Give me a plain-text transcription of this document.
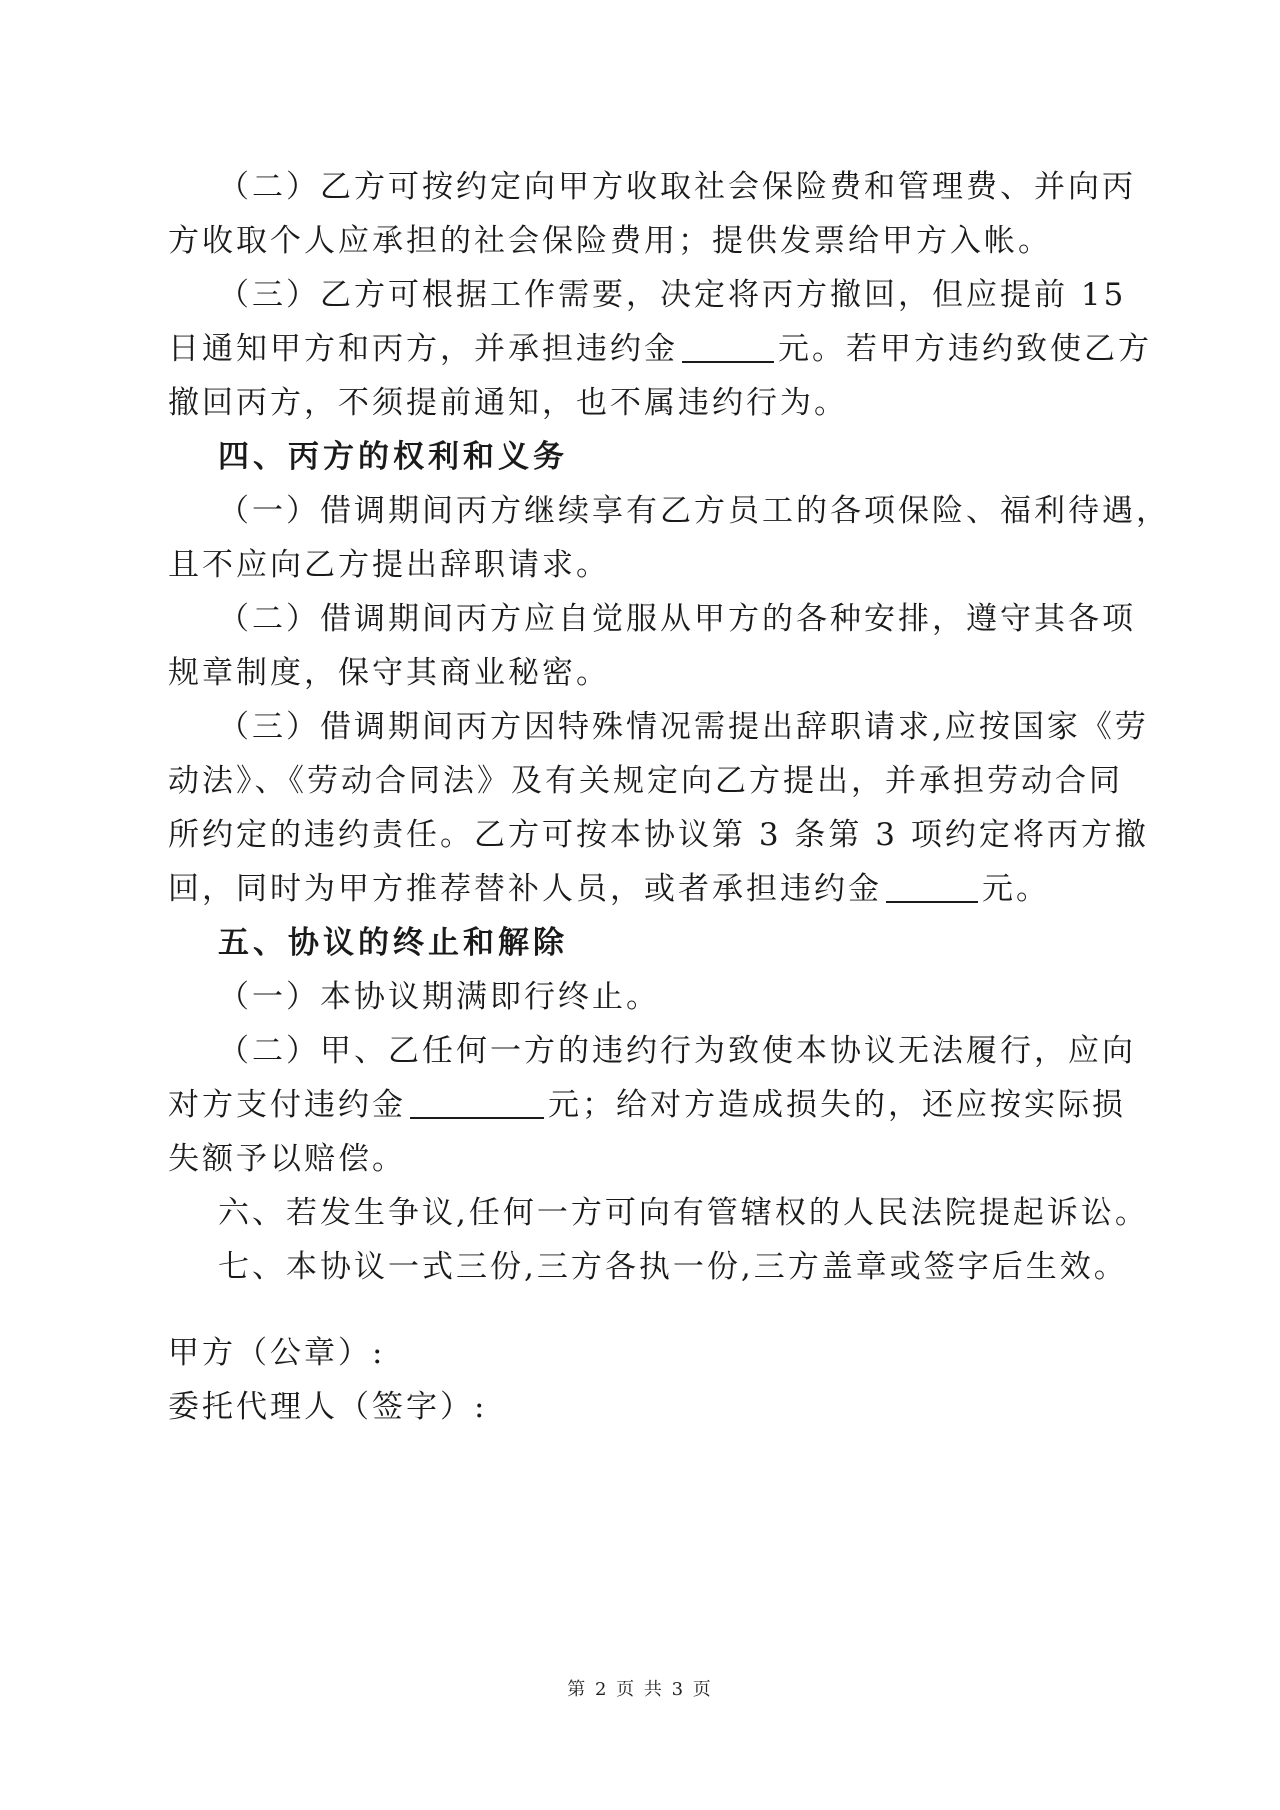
（二）乙方可按约定向甲方收取社会保险费和管理费、并向丙
方收取个人应承担的社会保险费用；提供发票给甲方入帐。
（三）乙方可根据工作需要，决定将丙方撤回，但应提前 15
日通知甲方和丙方，并承担违约金	元。若甲方违约致使乙方
撤回丙方，不须提前通知，也不属违约行为。
四、丙方的权利和义务
（一）借调期间丙方继续享有乙方员工的各项保险、福利待遇，
且不应向乙方提出辞职请求。
（二）借调期间丙方应自觉服从甲方的各种安排，遵守其各项
规章制度，保守其商业秘密。
（三）借调期间丙方因特殊情况需提出辞职请求,应按国家《劳
动法》、《劳动合同法》及有关规定向乙方提出，并承担劳动合同
所约定的违约责任。乙方可按本协议第 3 条第 3 项约定将丙方撤
回，同时为甲方推荐替补人员，或者承担违约金	元。
五、协议的终止和解除
（一）本协议期满即行终止。
（二）甲、乙任何一方的违约行为致使本协议无法履行，应向
对方支付违约金	元；给对方造成损失的，还应按实际损
失额予以赔偿。
六、若发生争议,任何一方可向有管辖权的人民法院提起诉讼。
七、本协议一式三份,三方各执一份,三方盖章或签字后生效。
甲方（公章）:
委托代理人（签字）:
第 2 页 共 3 页
